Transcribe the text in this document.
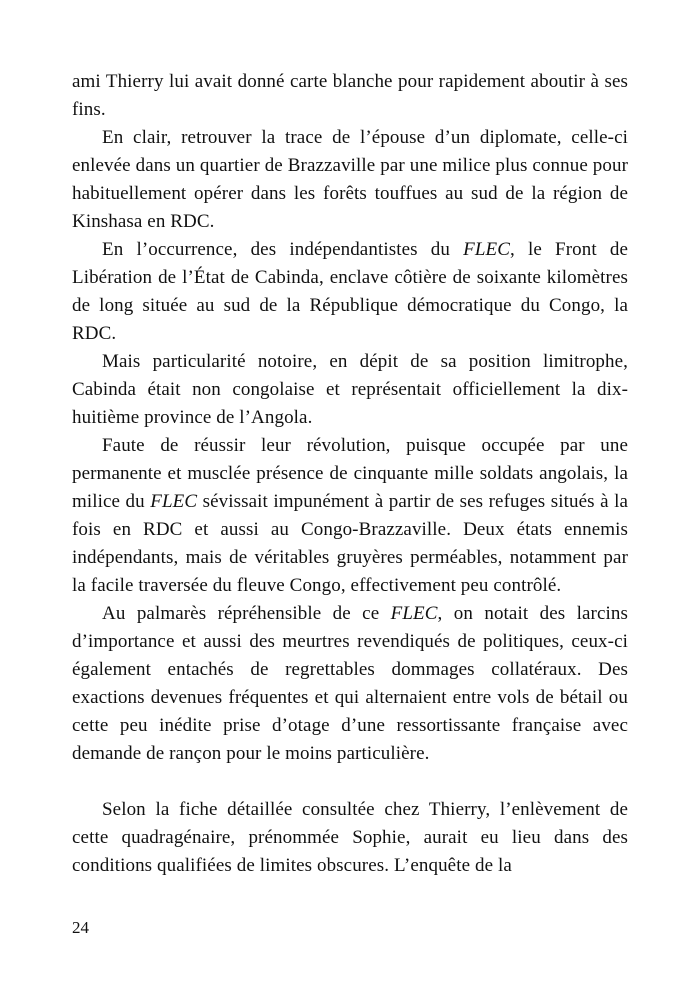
ami Thierry lui avait donné carte blanche pour rapidement aboutir à ses fins.

En clair, retrouver la trace de l’épouse d’un diplomate, celle-ci enlevée dans un quartier de Brazzaville par une milice plus connue pour habituellement opérer dans les forêts touffues au sud de la région de Kinshasa en RDC.

En l’occurrence, des indépendantistes du FLEC, le Front de Libération de l’État de Cabinda, enclave côtière de soixante kilomètres de long située au sud de la République démocratique du Congo, la RDC.

Mais particularité notoire, en dépit de sa position limitrophe, Cabinda était non congolaise et représentait officiellement la dix-huitième province de l’Angola.

Faute de réussir leur révolution, puisque occupée par une permanente et musclée présence de cinquante mille soldats angolais, la milice du FLEC sévissait impunément à partir de ses refuges situés à la fois en RDC et aussi au Congo-Brazzaville. Deux états ennemis indépendants, mais de véritables gruyères perméables, notamment par la facile traversée du fleuve Congo, effectivement peu contrôlé.

Au palmarès répréhensible de ce FLEC, on notait des larcins d’importance et aussi des meurtres revendiqués de politiques, ceux-ci également entachés de regrettables dommages collatéraux. Des exactions devenues fréquentes et qui alternaient entre vols de bétail ou cette peu inédite prise d’otage d’une ressortissante française avec demande de rançon pour le moins particulière.

Selon la fiche détaillée consultée chez Thierry, l’enlèvement de cette quadragénaire, prénommée Sophie, aurait eu lieu dans des conditions qualifiées de limites obscures. L’enquête de la

24
